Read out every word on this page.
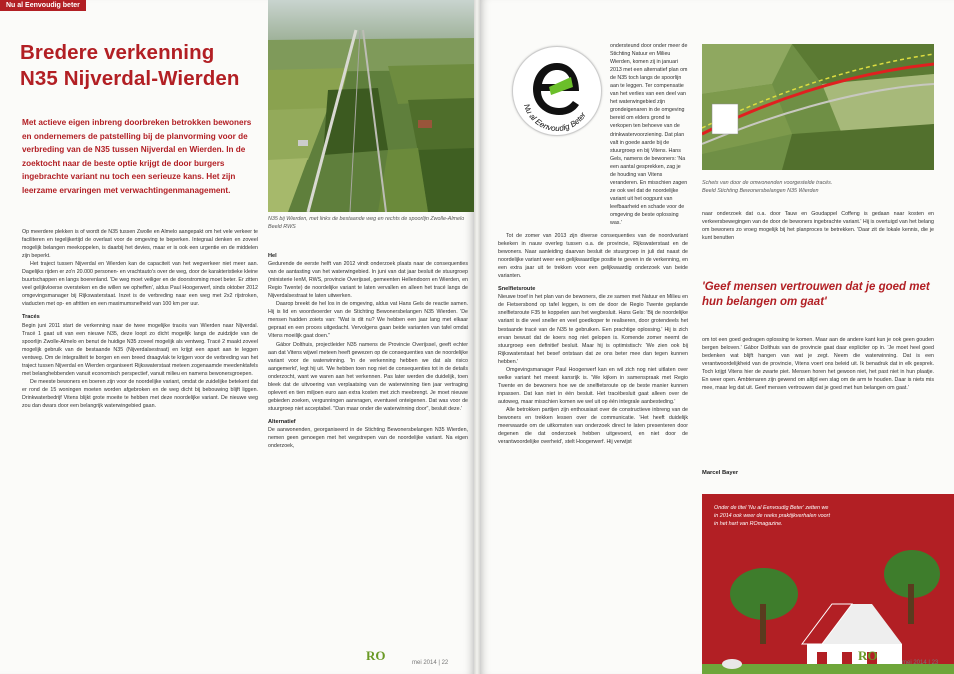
Nu al Eenvoudig beter
Bredere verkenning
N35 Nijverdal-Wierden

Met actieve eigen inbreng doorbreken betrokken bewoners en ondernemers de patstelling bij de planvorming voor de verbreding van de N35 tussen Nijverdal en Wierden. In de zoektocht naar de beste optie krijgt de door burgers ingebrachte variant nu toch een serieuze kans. Het zijn leerzame ervaringen met verwachtingenmanagement.

N35 bij Wierden, met links de bestaande weg en rechts de spoorlijn Zwolle-Almelo
Beeld RWS

Op meerdere plekken is of wordt de N35 tussen Zwolle en Almelo aangepakt om het vele verkeer te faciliteren en tegelijkertijd de overlast voor de omgeving te beperken. Integraal denken en zoveel mogelijk belangen meekoppelen, is daarbij het devies, maar er is ook een urgentie en de middelen zijn beperkt.

Het traject tussen Nijverdal en Wierden kan de capaciteit van het wegverkeer niet meer aan. Dagelijks rijden er zo'n 20.000 personen- en vrachtauto's over de weg, door de karakteristieke kleine buurtschappen en langs boerenland. 'De weg moet veiliger en de doorstroming moet beter. Er zitten veel gelijkvloerse oversteken en die willen we opheffen', aldus Paul Hoogerwerf, sinds oktober 2012 omgevingsmanager bij Rijkswaterstaat. Inzet is de verbreding naar een weg met 2x2 rijstroken, viaducten met op- en afritten en een maximumsnelheid van 100 km per uur.

Tracés

Begin juni 2011 start de verkenning naar de twee mogelijke tracés van Wierden naar Nijverdal. Tracé 1 gaat uit van een nieuwe N35, deze loopt zo dicht mogelijk langs de zuidzijde van de spoorlijn Zwolle-Almelo en benut de huidige N35 zoveel mogelijk als ventweg. Tracé 2 maakt zoveel mogelijk gebruik van de bestaande N35 (Nijverdalsestraat) en krijgt een apart aan te leggen ventweg. Om de integraliteit te borgen en een breed draagvlak te krijgen voor de verbreding van het traject tussen Nijverdal en Wierden organiseert Rijkswaterstaat meteen zogenaamde meedenktafels met belanghebbenden vanuit economisch perspectief, vanuit milieu en namens bewonersgroepen.

De meeste bewoners en boeren zijn voor de noordelijke variant, omdat de zuidelijke betekent dat er rond de 15 woningen moeten worden afgebroken en de weg dicht bij bebouwing blijft liggen. Drinkwaterbedrijf Vitens blijkt grote moeite te hebben met deze noordelijke variant. De nieuwe weg zou dan dwars door een belangrijk waterwingebied gaan.

Hel

Gedurende de eerste helft van 2012 vindt onderzoek plaats naar de consequenties van de aantasting van het waterwingebied. In juni van dat jaar besluit de stuurgroep (ministerie IenM, RWS, provincie Overijssel, gemeenten Hellendoorn en Wierden, en Regio Twente) de noordelijke variant te laten vervallen en alleen het tracé langs de Nijverdalsestraat te laten uitwerken.

Daarop breekt de hel los in de omgeving, aldus vat Hans Gels de reactie samen. Hij is lid en woordvoerder van de Stichting Bewonersbelangen N35 Wierden. 'De mensen hadden zoiets van: "Wat is dit nu? We hebben een jaar lang met elkaar gepraat en een proces uitgedacht. Vervolgens gaan beide varianten van tafel omdat Vitens moeilijk gaat doen."

Gábor Dolthuis, projectleider N35 namens de Provincie Overijssel, geeft echter aan dat Vitens wijwel meteen heeft gewezen op de consequenties van de noordelijke variant voor de waterwinning. 'In de verkenning hebben we dat als risico aangemerkt', legt hij uit. 'We hebben toen nog niet de consequenties tot in de details onderzocht, want we waren aan het verkennen. Pas later werden die duidelijk, toen bleek dat de uitvoering van verplaatsing van de waterwinning tien jaar vertraging oplevert en tien miljoen euro aan extra kosten met zich meebrengt. Je moet nieuwe gebieden zoeken, vergunningen aanvragen, eventueel onteigenen. Dat was voor de stuurgroep niet acceptabel. "Dan maar onder die waterwinning door", besluit deze.'

Alternatief

De aanwonenden, georganiseerd in de Stichting Bewonersbelangen N35 Wierden, nemen geen genoegen met het wegstrepen van de noordelijke variant. Na eigen onderzoek,

RO	mei 2014 | 22
Nu al Eenvoudig Beter

ondersteund door onder meer de Stichting Natuur en Milieu Wierden, komen zij in januari 2013 met een alternatief plan om de N35 toch langs de spoorlijn aan te leggen. Ter compensatie van het verlies van een deel van het waterwingebied zijn grondeigenaren in de omgeving bereid om elders grond te verkopen ten behoeve van de drinkwatervoorziening. Dat plan valt in goede aarde bij de stuurgroep en bij Vitens. Hans Gels, namens de bewoners: 'Na een aantal gesprekken, zag je de houding van Vitens veranderen. En misschien zagen ze ook wel dat de noordelijke variant uit het oogpunt van leefbaarheid en schade voor de omgeving de beste oplossing was.'

Tot de zomer van 2013 zijn diverse consequenties van de noordvariant bekeken in nauw overleg tussen o.a. de provincie, Rijkswaterstaat en de bewoners. Naar aanleiding daarvan besluit de stuurgroep in juli dat naast de noordelijke variant weer een gelijkwaardige positie te geven in de verkenning, en een extra jaar uit te trekken voor een gelijkwaardig onderzoek van beide varianten.

Snelfietsroute

Nieuwe troef in het plan van de bewoners, die ze samen met Natuur en Milieu en de Fietsersbond op tafel leggen, is om de door de Regio Twente geplande snelfietsroute F35 te koppelen aan het wegbesluit. Hans Gels: 'Bij de noordelijke variant is die veel sneller en veel goedkoper te realiseren, door grotendeels het bestaande tracé van de N35 te gebruiken. Een prachtige oplossing.' Hij is zich ervan bewust dat de koers nog niet gelopen is. Komende zomer neemt de stuurgroep een definitief besluit. Maar hij is optimistisch: 'We zien ook bij Rijkswaterstaat het besef ontstaan dat ze ons beter mee dan tegen kunnen hebben.'

Omgevingsmanager Paul Hoogerwerf kan en wil zich nog niet uitlaten over welke variant het meest kansrijk is. 'We kijken in samenspraak met Regio Twente en de bewoners hoe we de snelfietsroute op de beste manier kunnen inpassen. Dat kan niet in één besluit. Het tracébesluit gaat alleen over de autoweg, maar misschien komen we wel uit op één integrale aanbesteding.'

Alle betrokken partijen zijn enthousiast over de constructieve inbreng van de bewoners en trekken lessen over de communicatie. 'Het heeft duidelijk meerwaarde om de uitkomsten van onderzoek direct te laten presenteren door degenen die dat onderzoek hebben uitgevoerd, en niet door de verantwoordelijke overheid', stelt Hoogerwerf. Hij verwijst

Schets van door de omwonenden voorgestelde tracés.
Beeld Stichting Bewonersbelangen N35 Wierden

naar onderzoek dat o.a. door Tauw en Goudappel Coffeng is gedaan naar kosten en verkeersbewegingen van de door de bewoners ingebrachte variant.' Hij is overtuigd van het belang om bewoners zo vroeg mogelijk bij het planproces te betrekken. 'Daar zit de lokale kennis, die je kunt benutten

'Geef mensen vertrouwen dat je goed met hun belangen om gaat'

om tot een goed gedragen oplossing te komen. Maar aan de andere kant kun je ook geen gouden bergen beloven.' Gábor Dolthuis van de provincie gaat daar expliciter op in. 'Je moet heel goed bedenken wat blijft hangen van wat je zegt. Neem die waterwinning. Dat is een verantwoordelijkheid van de provincie, Vitens voert ons beleid uit. Ik benadruk dat in elk gesprek. Toch krijgt Vitens hier de zwarte piet. Mensen horen het gewoon niet, het past niet in hun plaatje. En weer open. Ambtenaren zijn gewend om altijd een slag om de arm te houden. Daar is niets mis mee, maar leg dat uit. Geef mensen vertrouwen dat je goed met hun belangen om gaat.'

Marcel Bayer
Onder de titel 'Nu al Eenvoudig Beter' zetten we in 2014 ook weer de reeks praktijkverhalen voort in het hart van ROmagazine.
RO	mei 2014 | 23
